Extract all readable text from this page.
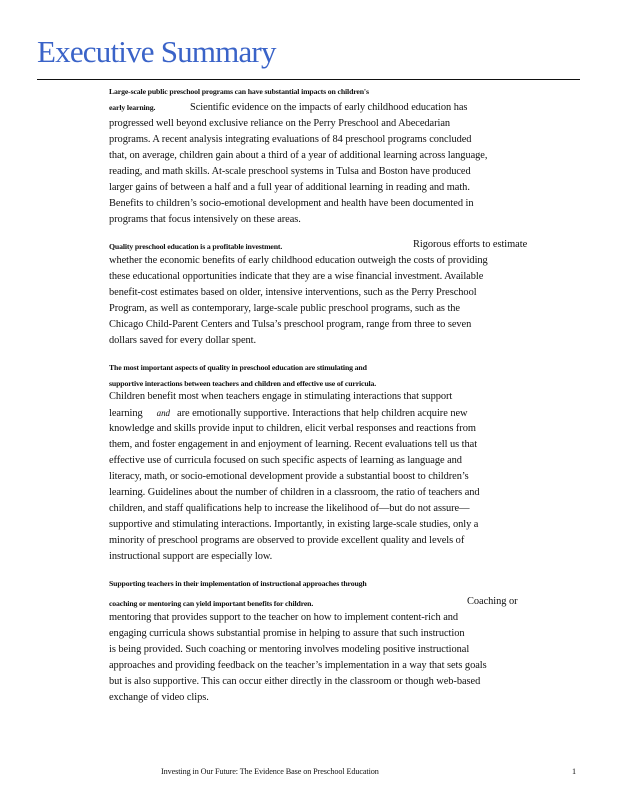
Executive Summary
Large-scale public preschool programs can have substantial impacts on children's
early learning.	Scientific evidence on the impacts of early childhood education has
progressed well beyond exclusive reliance on the Perry Preschool and Abecedarian
programs. A recent analysis integrating evaluations of 84 preschool programs concluded
that, on average, children gain about a third of a year of additional learning across language,
reading, and math skills. At-scale preschool systems in Tulsa and Boston have produced
larger gains of between a half and a full year of additional learning in reading and math.
Benefits to children’s socio-emotional development and health have been documented in
programs that focus intensively on these areas.
Quality preschool education is a profitable investment.	Rigorous efforts to estimate
whether the economic benefits of early childhood education outweigh the costs of providing
these educational opportunities indicate that they are a wise financial investment. Available
benefit-cost estimates based on older, intensive interventions, such as the Perry Preschool
Program, as well as contemporary, large-scale public preschool programs, such as the
Chicago Child-Parent Centers and Tulsa’s preschool program, range from three to seven
dollars saved for every dollar spent.
The most important aspects of quality in preschool education are stimulating and
supportive interactions between teachers and children and effective use of curricula.
Children benefit most when teachers engage in stimulating interactions that support
learning and are emotionally supportive. Interactions that help children acquire new
knowledge and skills provide input to children, elicit verbal responses and reactions from
them, and foster engagement in and enjoyment of learning. Recent evaluations tell us that
effective use of curricula focused on such specific aspects of learning as language and
literacy, math, or socio-emotional development provide a substantial boost to children’s
learning. Guidelines about the number of children in a classroom, the ratio of teachers and
children, and staff qualifications help to increase the likelihood of—but do not assure—
supportive and stimulating interactions. Importantly, in existing large-scale studies, only a
minority of preschool programs are observed to provide excellent quality and levels of
instructional support are especially low.
Supporting teachers in their implementation of instructional approaches through
coaching or mentoring can yield important benefits for children.	Coaching or
mentoring that provides support to the teacher on how to implement content-rich and
engaging curricula shows substantial promise in helping to assure that such instruction
is being provided. Such coaching or mentoring involves modeling positive instructional
approaches and providing feedback on the teacher’s implementation in a way that sets goals
but is also supportive. This can occur either directly in the classroom or though web-based
exchange of video clips.
Investing in Our Future: The Evidence Base on Preschool Education	1
